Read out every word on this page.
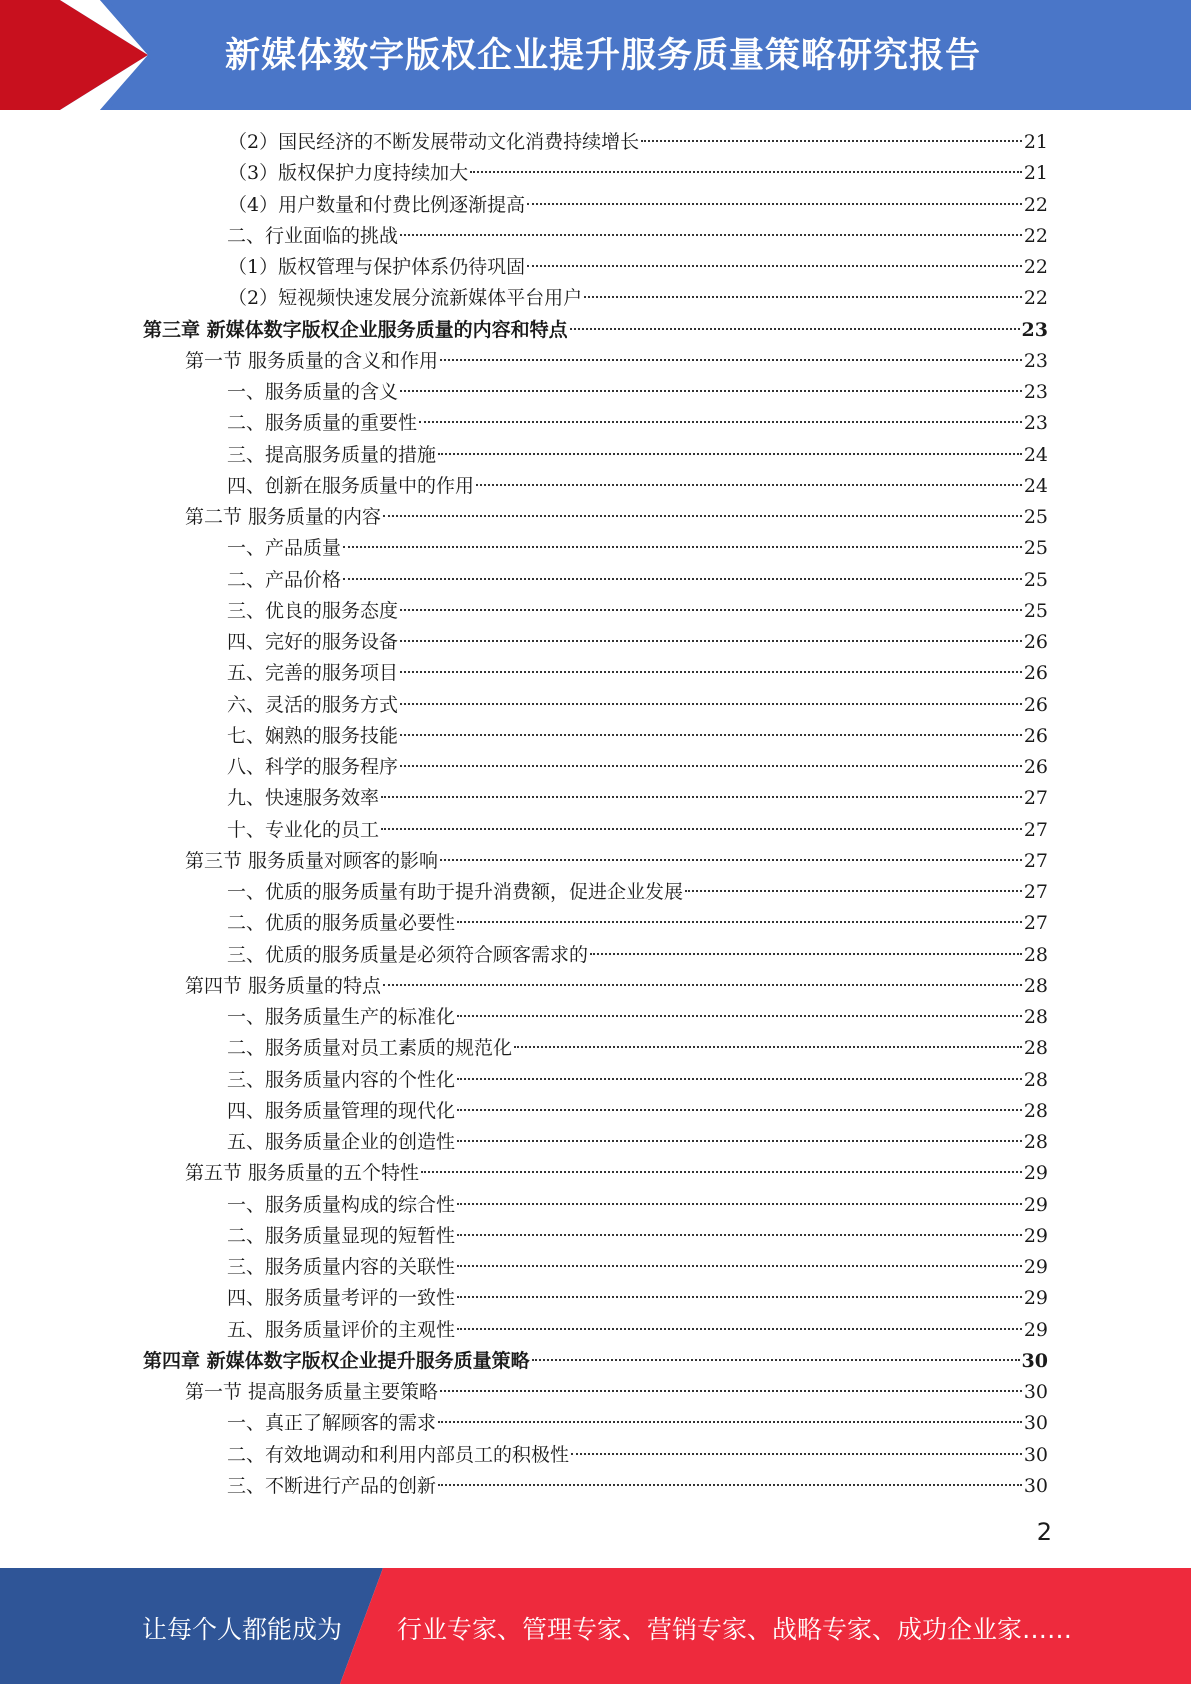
新媒体数字版权企业提升服务质量策略研究报告
（2）国民经济的不断发展带动文化消费持续增长	21
（3）版权保护力度持续加大	21
（4）用户数量和付费比例逐渐提高	22
二、行业面临的挑战	22
（1）版权管理与保护体系仍待巩固	22
（2）短视频快速发展分流新媒体平台用户	22
第三章 新媒体数字版权企业服务质量的内容和特点	23
第一节 服务质量的含义和作用	23
一、服务质量的含义	23
二、服务质量的重要性	23
三、提高服务质量的措施	24
四、创新在服务质量中的作用	24
第二节 服务质量的内容	25
一、产品质量	25
二、产品价格	25
三、优良的服务态度	25
四、完好的服务设备	26
五、完善的服务项目	26
六、灵活的服务方式	26
七、娴熟的服务技能	26
八、科学的服务程序	26
九、快速服务效率	27
十、专业化的员工	27
第三节 服务质量对顾客的影响	27
一、优质的服务质量有助于提升消费额，促进企业发展	27
二、优质的服务质量必要性	27
三、优质的服务质量是必须符合顾客需求的	28
第四节 服务质量的特点	28
一、服务质量生产的标准化	28
二、服务质量对员工素质的规范化	28
三、服务质量内容的个性化	28
四、服务质量管理的现代化	28
五、服务质量企业的创造性	28
第五节 服务质量的五个特性	29
一、服务质量构成的综合性	29
二、服务质量显现的短暂性	29
三、服务质量内容的关联性	29
四、服务质量考评的一致性	29
五、服务质量评价的主观性	29
第四章 新媒体数字版权企业提升服务质量策略	30
第一节 提高服务质量主要策略	30
一、真正了解顾客的需求	30
二、有效地调动和利用内部员工的积极性	30
三、不断进行产品的创新	30
2
让每个人都能成为 行业专家、管理专家、营销专家、战略专家、成功企业家……
